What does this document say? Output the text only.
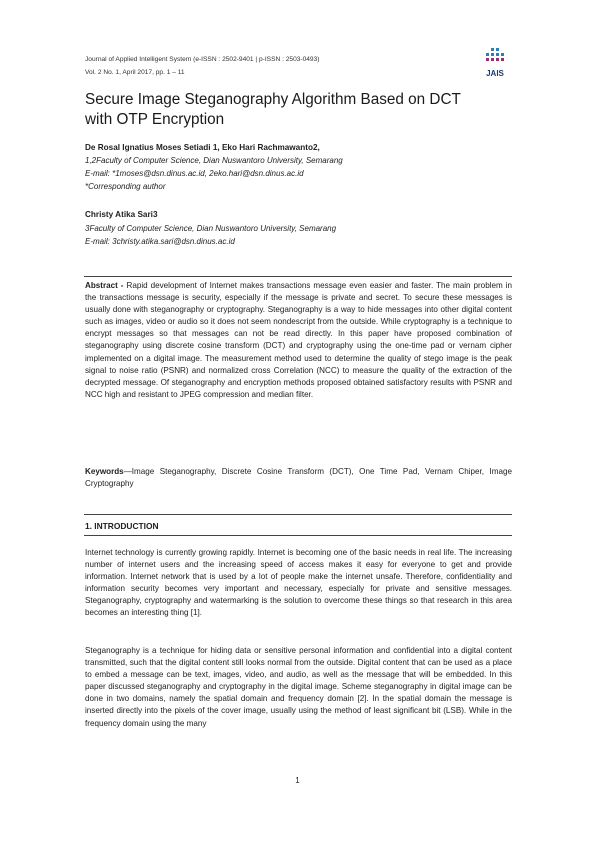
Journal of Applied Intelligent System (e-ISSN : 2502-9401 | p-ISSN : 2503-0493)
Vol. 2 No. 1, April 2017, pp. 1 – 11	JAIS
Secure Image Steganography Algorithm Based on DCT
with OTP Encryption
De Rosal Ignatius Moses Setiadi 1, Eko Hari Rachmawanto2,
1,2Faculty of Computer Science, Dian Nuswantoro University, Semarang
E-mail: *1moses@dsn.dinus.ac.id, 2eko.hari@dsn.dinus.ac.id
*Corresponding author
Christy Atika Sari3
3Faculty of Computer Science, Dian Nuswantoro University, Semarang
E-mail: 3christy.atika.sari@dsn.dinus.ac.id

Abstract - Rapid development of Internet makes transactions message even easier and faster. The main problem in the transactions message is security, especially if the message is private and secret. To secure these messages is usually done with steganography or cryptography. Steganography is a way to hide messages into other digital content such as images, video or audio so it does not seem nondescript from the outside. While cryptography is a technique to encrypt messages so that messages can not be read directly. In this paper have proposed combination of steganography using discrete cosine transform (DCT) and cryptography using the one-time pad or vernam cipher implemented on a digital image. The measurement method used to determine the quality of stego image is the peak signal to noise ratio (PSNR) and normalized cross Correlation (NCC) to measure the quality of the extraction of the decrypted message. Of steganography and encryption methods proposed obtained satisfactory results with PSNR and NCC high and resistant to JPEG compression and median filter.

Keywords—Image Steganography, Discrete Cosine Transform (DCT), One Time Pad, Vernam Chiper, Image Cryptography

1. INTRODUCTION

Internet technology is currently growing rapidly. Internet is becoming one of the basic needs in real life. The increasing number of internet users and the increasing speed of access makes it easy for everyone to get and provide information. Internet network that is used by a lot of people make the internet unsafe. Therefore, confidentiality and information security becomes very important and necessary, especially for private and sensitive messages. Steganography, cryptography and watermarking is the solution to overcome these things so that research in this area becomes an interesting thing [1].

Steganography is a technique for hiding data or sensitive personal information and confidential into a digital content transmitted, such that the digital content still looks normal from the outside. Digital content that can be used as a place to embed a message can be text, images, video, and audio, as well as the message that will be embedded. In this paper discussed steganography and cryptography in the digital image. Scheme steganography in digital image can be done in two domains, namely the spatial domain and frequency domain [2]. In the spatial domain the message is inserted directly into the pixels of the cover image, usually using the method of least significant bit (LSB). While in the frequency domain using the many

1
